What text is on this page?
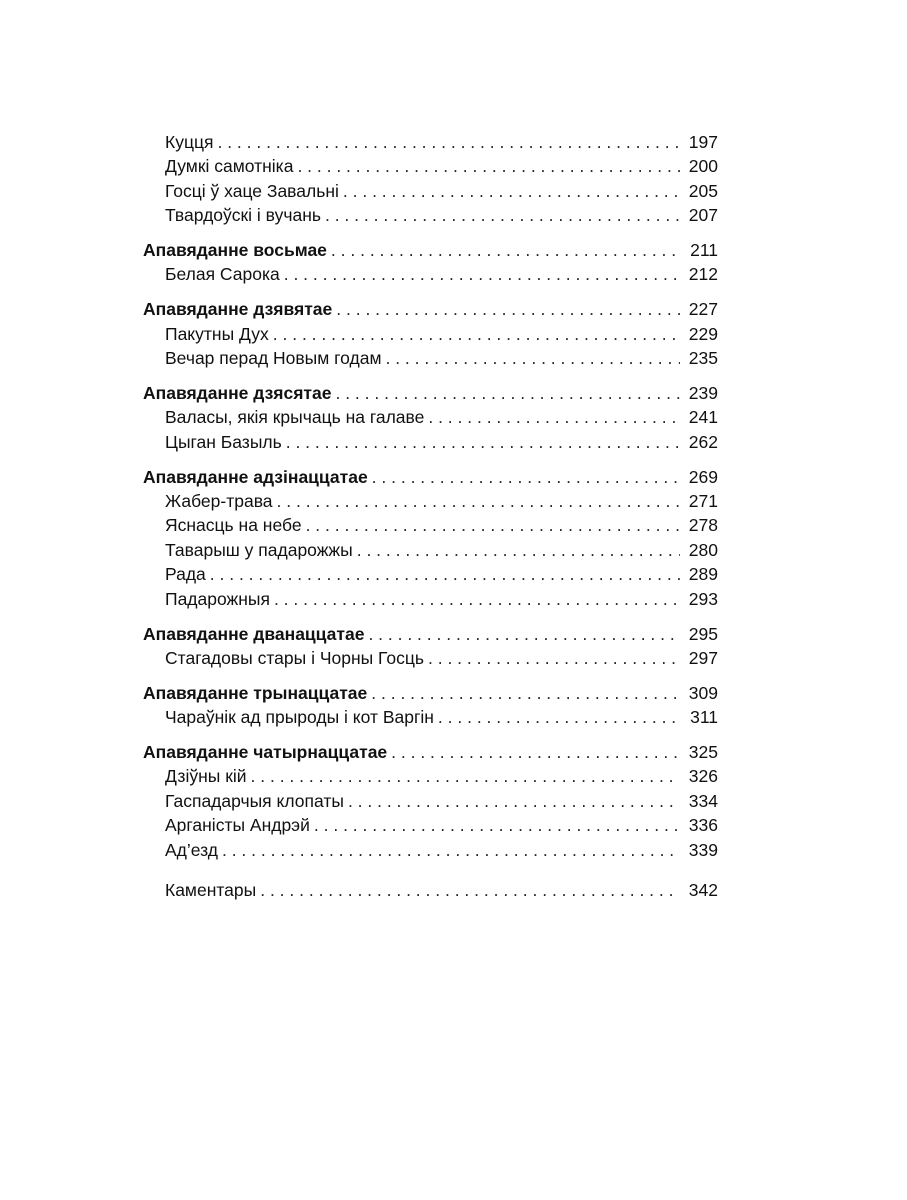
Куцця . . .	197
Думкі самотніка . . .	200
Госці ў хаце Завальні . . .	205
Твардоўскі і вучань . . .	207
Апавяданне восьмае . . .	211
Белая Сарока . . .	212
Апавяданне дзявятае . . .	227
Пакутны Дух . . .	229
Вечар перад Новым годам . . .	235
Апавяданне дзясятае . . .	239
Валасы, якія крычаць на галаве . . .	241
Цыган Базыль . . .	262
Апавяданне адзінаццатае . . .	269
Жабер-трава . . .	271
Яснасць на небе . . .	278
Таварыш у падарожжы . . .	280
Рада . . .	289
Падарожныя . . .	293
Апавяданне дванаццатае . . .	295
Стагадовы стары і Чорны Госць . . .	297
Апавяданне трынаццатае . . .	309
Чараўнік ад прыроды і кот Варгін . . .	311
Апавяданне чатырнаццатае . . .	325
Дзіўны кій . . .	326
Гаспадарчыя клопаты . . .	334
Арганісты Андрэй . . .	336
Ад’езд . . .	339
Каментары . . .	342
